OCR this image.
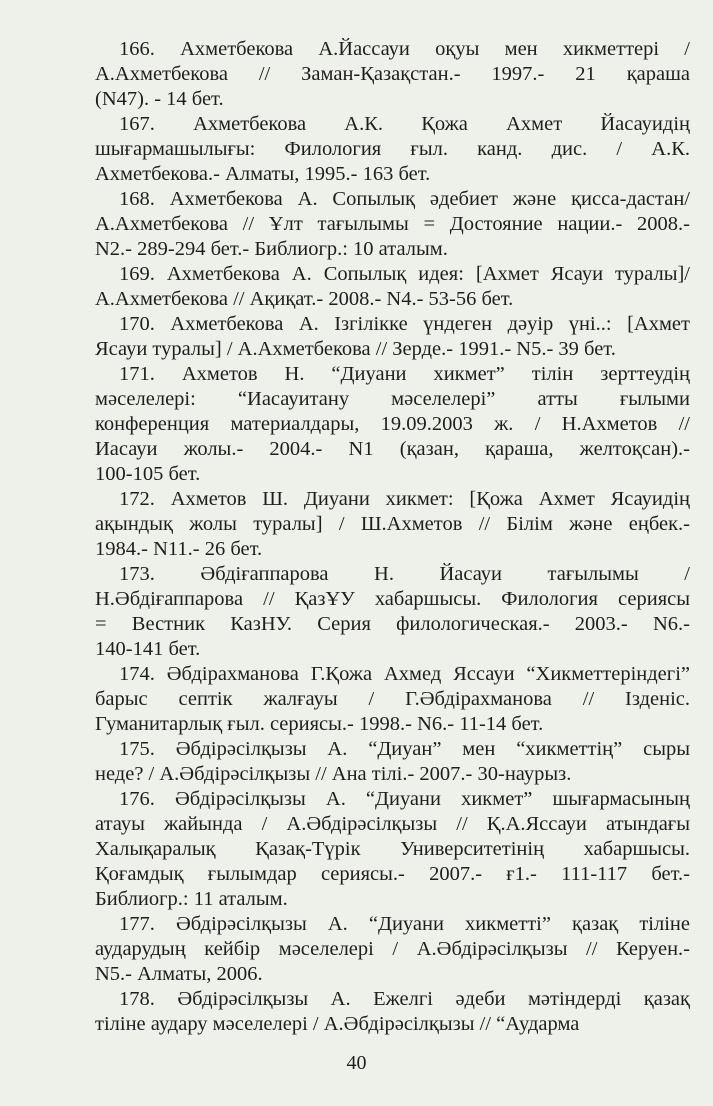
166. Ахметбекова А.Йассауи оқуы мен хикметтері /
А.Ахметбекова // Заман-Қазақстан.- 1997.- 21 қараша
(N47). - 14 бет.
167. Ахметбекова А.К. Қожа Ахмет Йасауидің
шығармашылығы: Филология ғыл. канд. дис. / А.К.
Ахметбекова.- Алматы, 1995.- 163 бет.
168. Ахметбекова А. Сопылық әдебиет және қисса-дастан/
А.Ахметбекова // Ұлт тағылымы = Достояние нации.- 2008.-
N2.- 289-294 бет.- Библиогр.: 10 аталым.
169. Ахметбекова А. Сопылық идея: [Ахмет Ясауи туралы]/
А.Ахметбекова // Ақиқат.- 2008.- N4.- 53-56 бет.
170. Ахметбекова А. Ізгілікке үндеген дәуір үні..: [Ахмет
Ясауи туралы] / А.Ахметбекова // Зерде.- 1991.- N5.- 39 бет.
171. Ахметов Н. “Диуани хикмет” тілін зерттеудің
мәселелері: “Иасауитану мәселелері” атты ғылыми
конференция материалдары, 19.09.2003 ж. / Н.Ахметов //
Иасауи жолы.- 2004.- N1 (қазан, қараша, желтоқсан).-
100-105 бет.
172. Ахметов Ш. Диуани хикмет: [Қожа Ахмет Ясауидің
ақындық жолы туралы] / Ш.Ахметов // Білім және еңбек.-
1984.- N11.- 26 бет.
173. Әбдіғаппарова Н. Йасауи тағылымы /
Н.Әбдіғаппарова // ҚазҰУ хабаршысы. Филология сериясы
= Вестник КазНУ. Серия филологическая.- 2003.- N6.-
140-141 бет.
174. Әбдірахманова Г.Қожа Ахмед Яссауи “Хикметтеріндегі”
барыс септік жалғауы / Г.Әбдірахманова // Ізденіс.
Гуманитарлық ғыл. сериясы.- 1998.- N6.- 11-14 бет.
175. Әбдірәсілқызы А. “Диуан” мен “хикметтің” сыры
неде? / А.Әбдірәсілқызы // Ана тілі.- 2007.- 30-наурыз.
176. Әбдірәсілқызы А. “Диуани хикмет” шығармасының
атауы жайында / А.Әбдірәсілқызы // Қ.А.Яссауи атындағы
Халықаралық Қазақ-Түрік Университетінің хабаршысы.
Қоғамдық ғылымдар сериясы.- 2007.- ғ1.- 111-117 бет.-
Библиогр.: 11 аталым.
177. Әбдірәсілқызы А. “Диуани хикметті” қазақ тіліне
аударудың кейбір мәселелері / А.Әбдірәсілқызы // Керуен.-
N5.- Алматы, 2006.
178. Әбдірәсілқызы А. Ежелгі әдеби мәтіндерді қазақ
тіліне аудару мәселелері / А.Әбдірәсілқызы // “Аударма
40
